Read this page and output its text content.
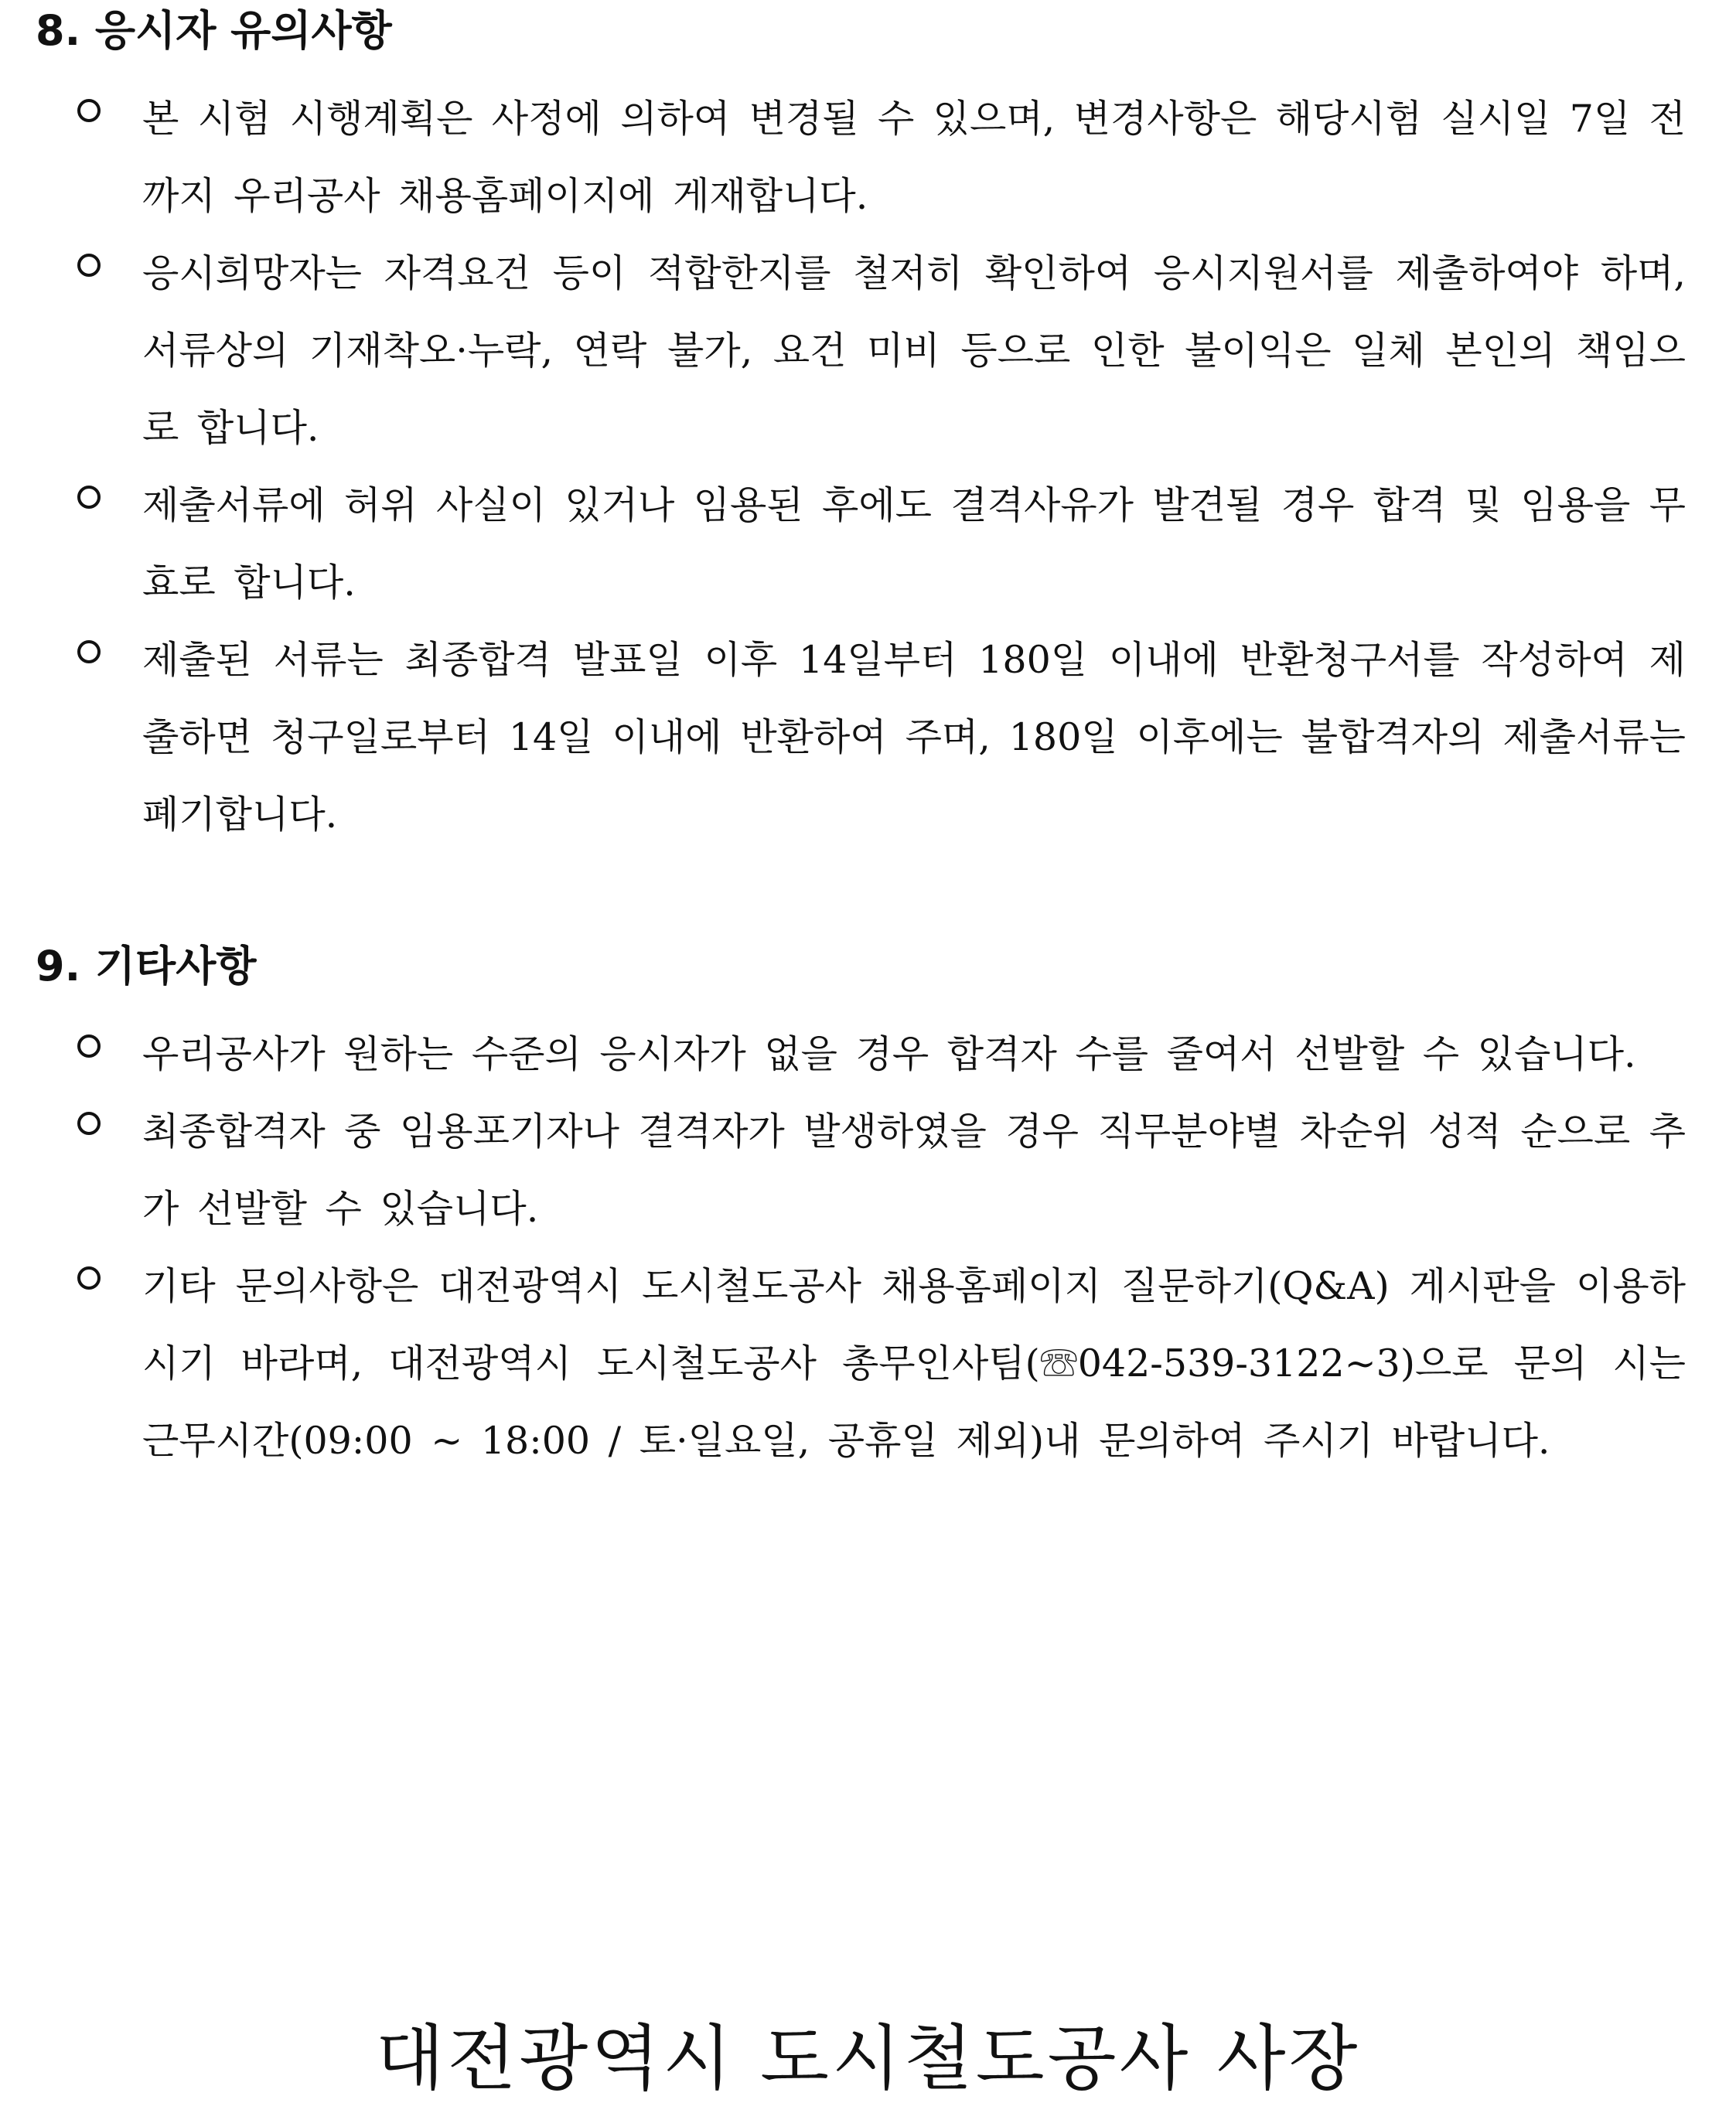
8. 응시자 유의사항
본 시험 시행계획은 사정에 의하여 변경될 수 있으며, 변경사항은 해당시험 실시일 7일 전까지 우리공사 채용홈페이지에 게재합니다.
응시희망자는 자격요건 등이 적합한지를 철저히 확인하여 응시지원서를 제출하여야 하며, 서류상의 기재착오·누락, 연락 불가, 요건 미비 등으로 인한 불이익은 일체 본인의 책임으로 합니다.
제출서류에 허위 사실이 있거나 임용된 후에도 결격사유가 발견될 경우 합격 및 임용을 무효로 합니다.
제출된 서류는 최종합격 발표일 이후 14일부터 180일 이내에 반환청구서를 작성하여 제출하면 청구일로부터 14일 이내에 반환하여 주며, 180일 이후에는 불합격자의 제출서류는 폐기합니다.
9. 기타사항
우리공사가 원하는 수준의 응시자가 없을 경우 합격자 수를 줄여서 선발할 수 있습니다.
최종합격자 중 임용포기자나 결격자가 발생하였을 경우 직무분야별 차순위 성적 순으로 추가 선발할 수 있습니다.
기타 문의사항은 대전광역시 도시철도공사 채용홈페이지 질문하기(Q&A) 게시판을 이용하시기 바라며, 대전광역시 도시철도공사 총무인사팀(☏042-539-3122~3)으로 문의 시는 근무시간(09:00 ~ 18:00 / 토·일요일, 공휴일 제외)내 문의하여 주시기 바랍니다.
대전광역시 도시철도공사 사장
